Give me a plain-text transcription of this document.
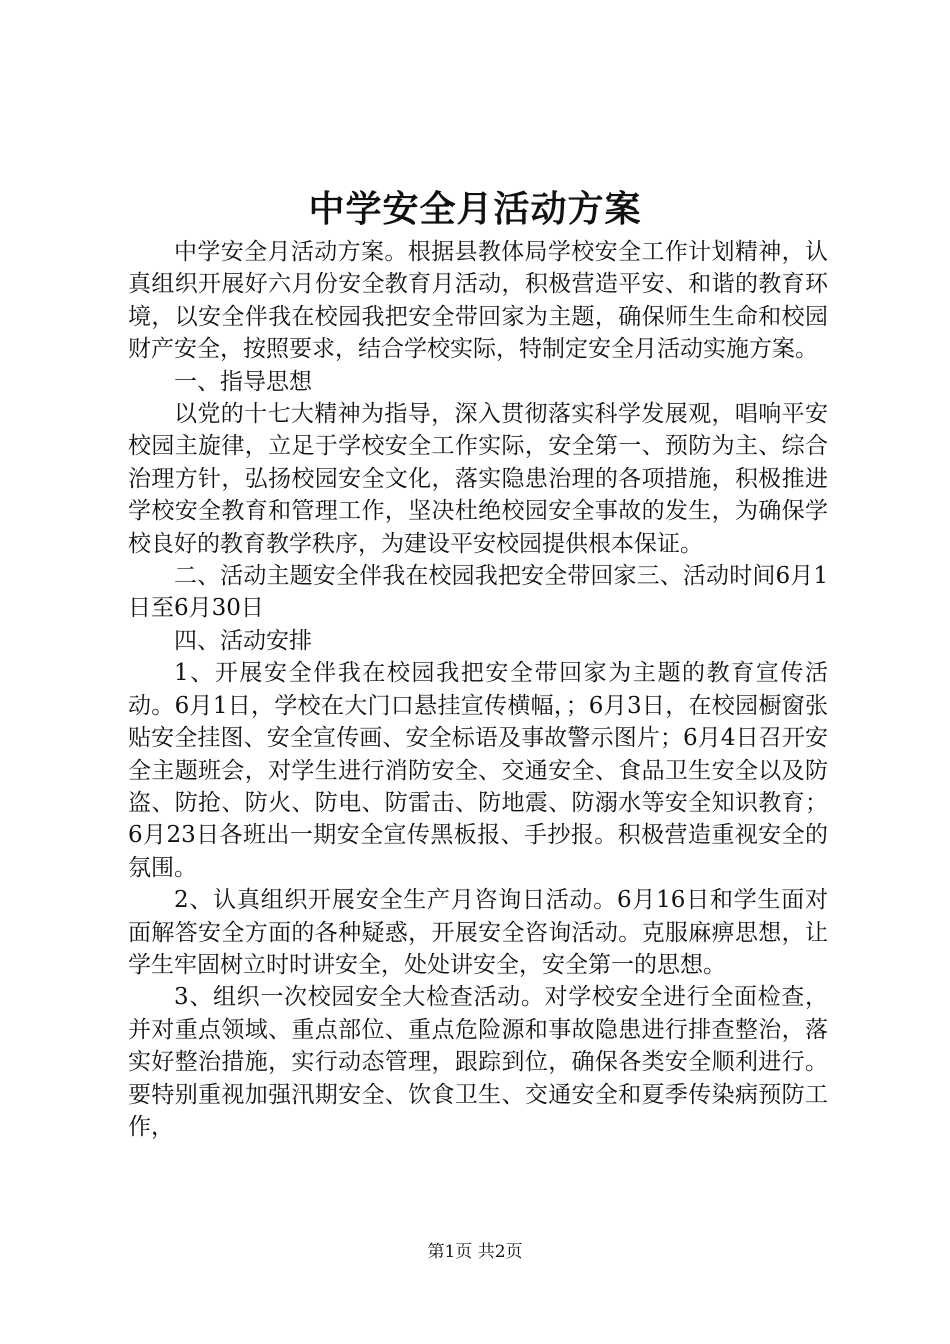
中学安全月活动方案

中学安全月活动方案。根据县教体局学校安全工作计划精神，认真组织开展好六月份安全教育月活动，积极营造平安、和谐的教育环境，以安全伴我在校园我把安全带回家为主题，确保师生生命和校园财产安全，按照要求，结合学校实际，特制定安全月活动实施方案。

一、指导思想

以党的十七大精神为指导，深入贯彻落实科学发展观，唱响平安校园主旋律，立足于学校安全工作实际，安全第一、预防为主、综合治理方针，弘扬校园安全文化，落实隐患治理的各项措施，积极推进学校安全教育和管理工作，坚决杜绝校园安全事故的发生，为确保学校良好的教育教学秩序，为建设平安校园提供根本保证。

二、活动主题安全伴我在校园我把安全带回家三、活动时间6月1日至6月30日

四、活动安排

1、开展安全伴我在校园我把安全带回家为主题的教育宣传活动。6月1日，学校在大门口悬挂宣传横幅，；6月3日，在校园橱窗张贴安全挂图、安全宣传画、安全标语及事故警示图片；6月4日召开安全主题班会，对学生进行消防安全、交通安全、食品卫生安全以及防盗、防抢、防火、防电、防雷击、防地震、防溺水等安全知识教育；6月23日各班出一期安全宣传黑板报、手抄报。积极营造重视安全的氛围。

2、认真组织开展安全生产月咨询日活动。6月16日和学生面对面解答安全方面的各种疑惑，开展安全咨询活动。克服麻痹思想，让学生牢固树立时时讲安全，处处讲安全，安全第一的思想。

3、组织一次校园安全大检查活动。对学校安全进行全面检查，并对重点领域、重点部位、重点危险源和事故隐患进行排查整治，落实好整治措施，实行动态管理，跟踪到位，确保各类安全顺利进行。要特别重视加强汛期安全、饮食卫生、交通安全和夏季传染病预防工作，

第1页 共2页
